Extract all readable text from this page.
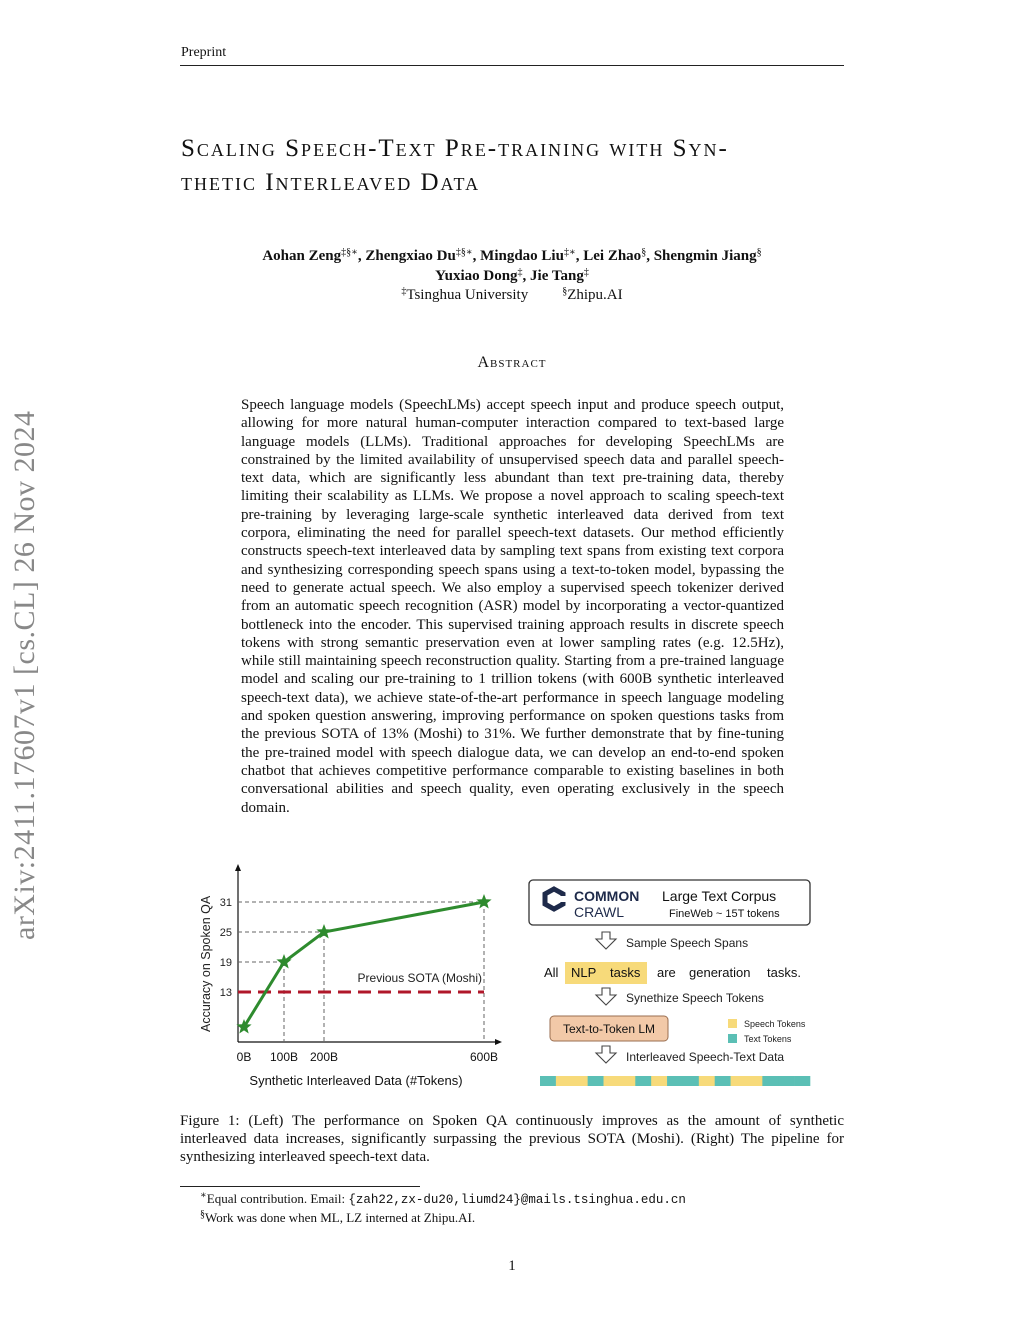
Preprint
arXiv:2411.17607v1 [cs.CL] 26 Nov 2024
Scaling Speech-Text Pre-training with Syn-
thetic Interleaved Data
Aohan Zeng‡§∗, Zhengxiao Du‡§∗, Mingdao Liu‡∗, Lei Zhao§, Shengmin Jiang§
Yuxiao Dong‡, Jie Tang‡
‡Tsinghua University	§Zhipu.AI
Abstract
Speech language models (SpeechLMs) accept speech input and produce speech output, allowing for more natural human-computer interaction compared to text-based large language models (LLMs). Traditional approaches for developing SpeechLMs are constrained by the limited availability of unsupervised speech data and parallel speech-text data, which are significantly less abundant than text pre-training data, thereby limiting their scalability as LLMs. We propose a novel approach to scaling speech-text pre-training by leveraging large-scale synthetic interleaved data derived from text corpora, eliminating the need for parallel speech-text datasets. Our method efficiently constructs speech-text interleaved data by sampling text spans from existing text corpora and synthesizing corresponding speech spans using a text-to-token model, bypassing the need to generate actual speech. We also employ a supervised speech tokenizer derived from an automatic speech recognition (ASR) model by incorporating a vector-quantized bottleneck into the encoder. This supervised training approach results in discrete speech tokens with strong semantic preservation even at lower sampling rates (e.g. 12.5Hz), while still maintaining speech reconstruction quality. Starting from a pre-trained language model and scaling our pre-training to 1 trillion tokens (with 600B synthetic interleaved speech-text data), we achieve state-of-the-art performance in speech language modeling and spoken question answering, improving performance on spoken questions tasks from the previous SOTA of 13% (Moshi) to 31%. We further demonstrate that by fine-tuning the pre-trained model with speech dialogue data, we can develop an end-to-end spoken chatbot that achieves competitive performance comparable to existing baselines in both conversational abilities and speech quality, even operating exclusively in the speech domain.
Previous SOTA (Moshi)
13
19
25
31
0B 100B 200B	600B
Accuracy on Spoken QA
Synthetic Interleaved Data (#Tokens)
COMMON
CRAWL
Large Text Corpus
FineWeb ~ 15T tokens
Sample Speech Spans
All NLP tasks are generation tasks.
Synethize Speech Tokens
Text-to-Token LM	Speech Tokens
Text Tokens
Interleaved Speech-Text Data
Figure 1: (Left) The performance on Spoken QA continuously improves as the amount of synthetic interleaved data increases, significantly surpassing the previous SOTA (Moshi). (Right) The pipeline for synthesizing interleaved speech-text data.
∗Equal contribution. Email: {zah22,zx-du20,liumd24}@mails.tsinghua.edu.cn
§Work was done when ML, LZ interned at Zhipu.AI.
1
